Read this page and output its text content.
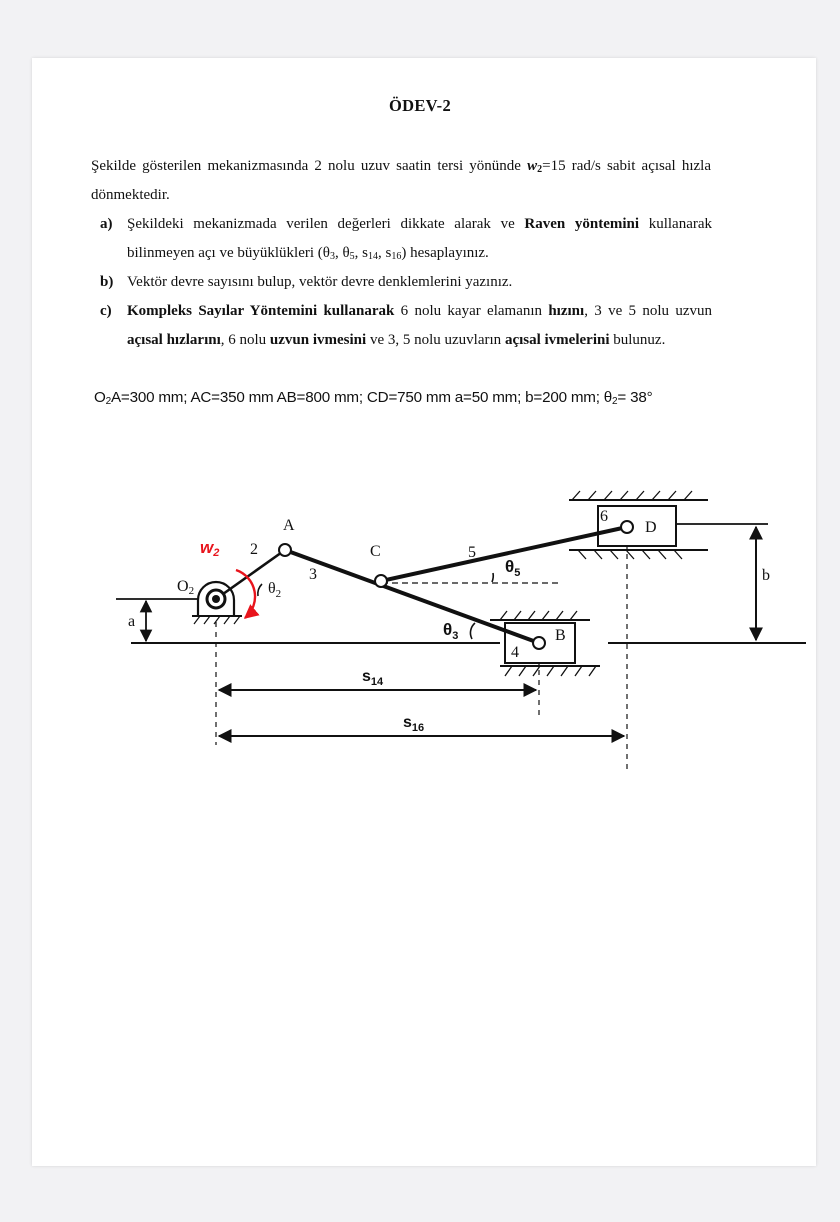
ÖDEV-2
Şekilde gösterilen mekanizmasında 2 nolu uzuv saatin tersi yönünde $w_2=15$ rad/s sabit açısal hızla dönmektedir.
a) Şekildeki mekanizmada verilen değerleri dikkate alarak ve Raven yöntemini kullanarak bilinmeyen açı ve büyüklükleri ($\theta_3$, $\theta_5$, $s_{14}$, $s_{16}$) hesaplayınız.
b) Vektör devre sayısını bulup, vektör devre denklemlerini yazınız.
c) Kompleks Sayılar Yöntemini kullanarak 6 nolu kayar elamanın hızını, 3 ve 5 nolu uzvun açısal hızlarını, 6 nolu uzvun ivmesini ve 3, 5 nolu uzuvların açısal ivmelerini bulunuz.
$O_2A=300$ mm; AC=350 mm AB=800 mm; CD=750 mm a=50 mm; b=200 mm; $\theta_2= 38^\circ$
A
C
D
B
2
3
5
4
6
a
b
O2	$\theta_2$
$\theta_5$
$\theta_3$
$s_{14}$
$s_{16}$
w2
